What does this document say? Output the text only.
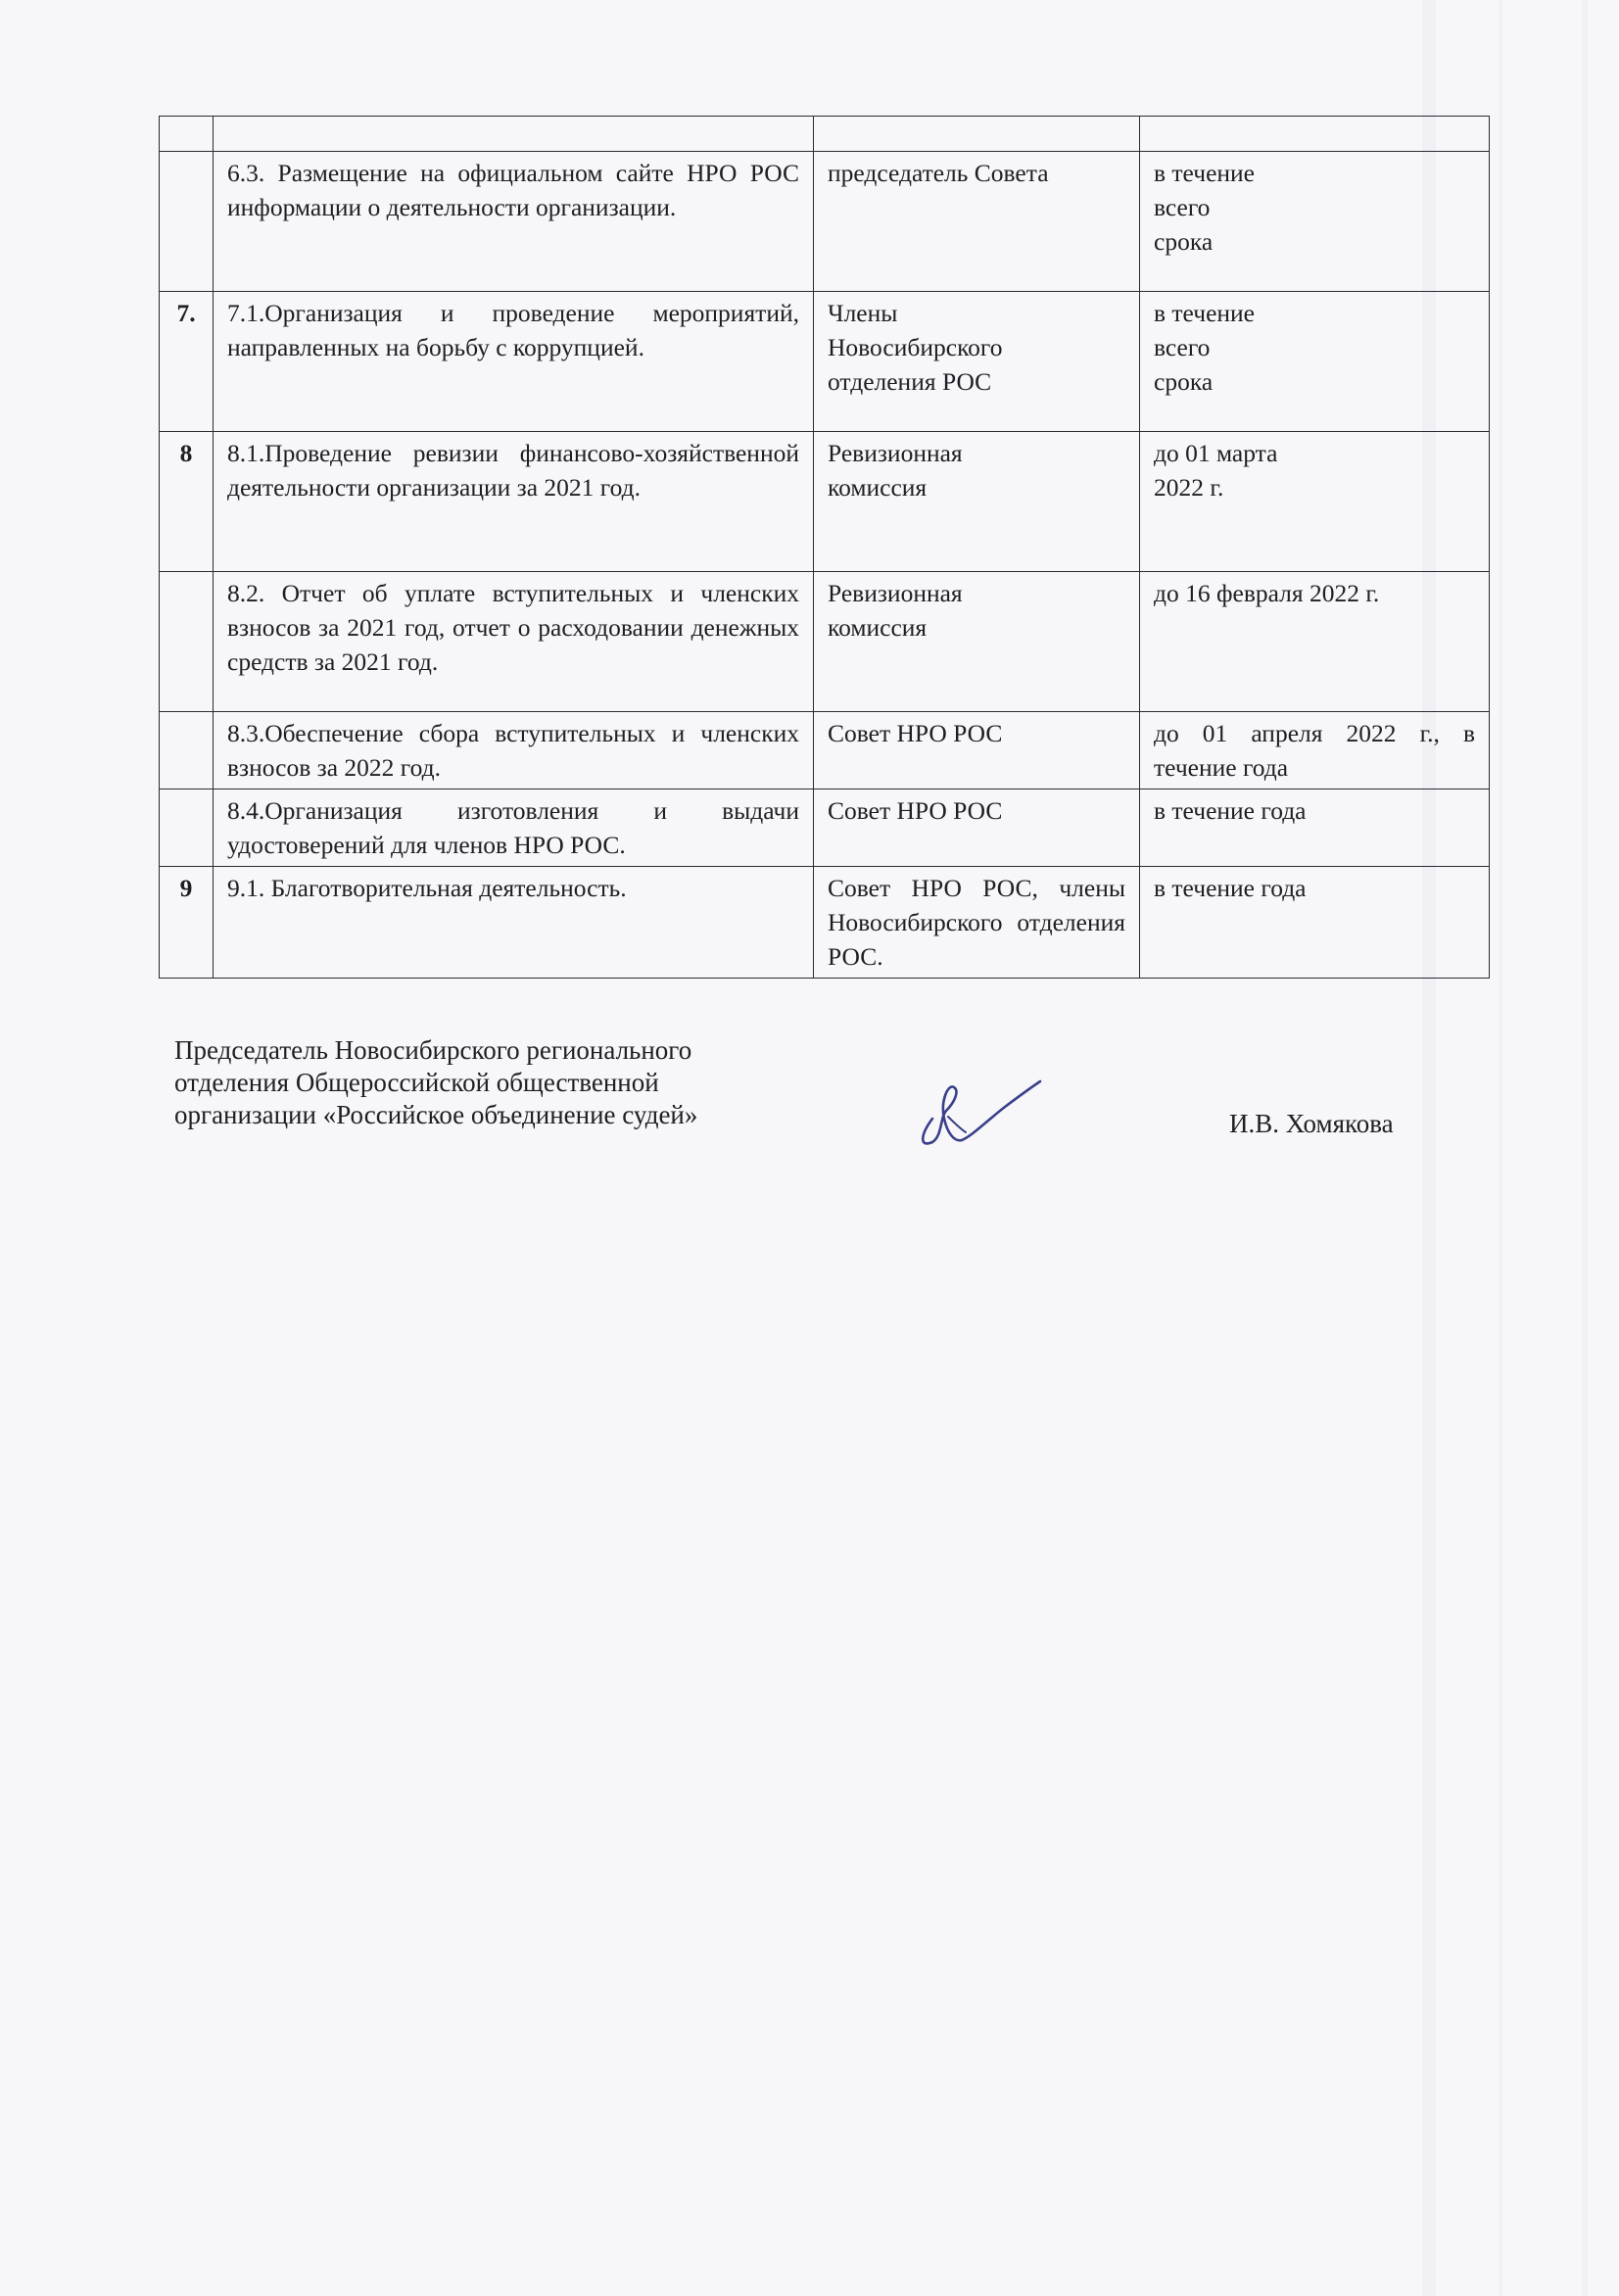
	6.3. Размещение на официальном сайте НРО РОС информации о деятельности организации.	председатель Совета	в течение
всего
срока

7.	7.1.Организация и проведение мероприятий, направленных на борьбу с коррупцией.	Члены
Новосибирского
отделения РОС	в течение
всего
срока

8	8.1.Проведение ревизии финансово-хозяйственной деятельности организации за 2021 год.	Ревизионная
комиссия	до 01 марта
2022 г.

	8.2. Отчет об уплате вступительных и членских взносов за 2021 год, отчет о расходовании денежных средств за 2021 год.	Ревизионная
комиссия	до 16 февраля 2022 г.

	8.3.Обеспечение сбора вступительных и членских взносов за 2022 год.	Совет НРО РОС	до 01 апреля 2022 г., в течение года

	8.4.Организация изготовления и выдачи удостоверений для членов НРО РОС.	Совет НРО РОС	в течение года

9	9.1. Благотворительная деятельность.	Совет НРО РОС, члены Новосибирского отделения РОС.	в течение года
Председатель Новосибирского регионального
отделения Общероссийской общественной
организации «Российское объединение судей»	И.В. Хомякова
